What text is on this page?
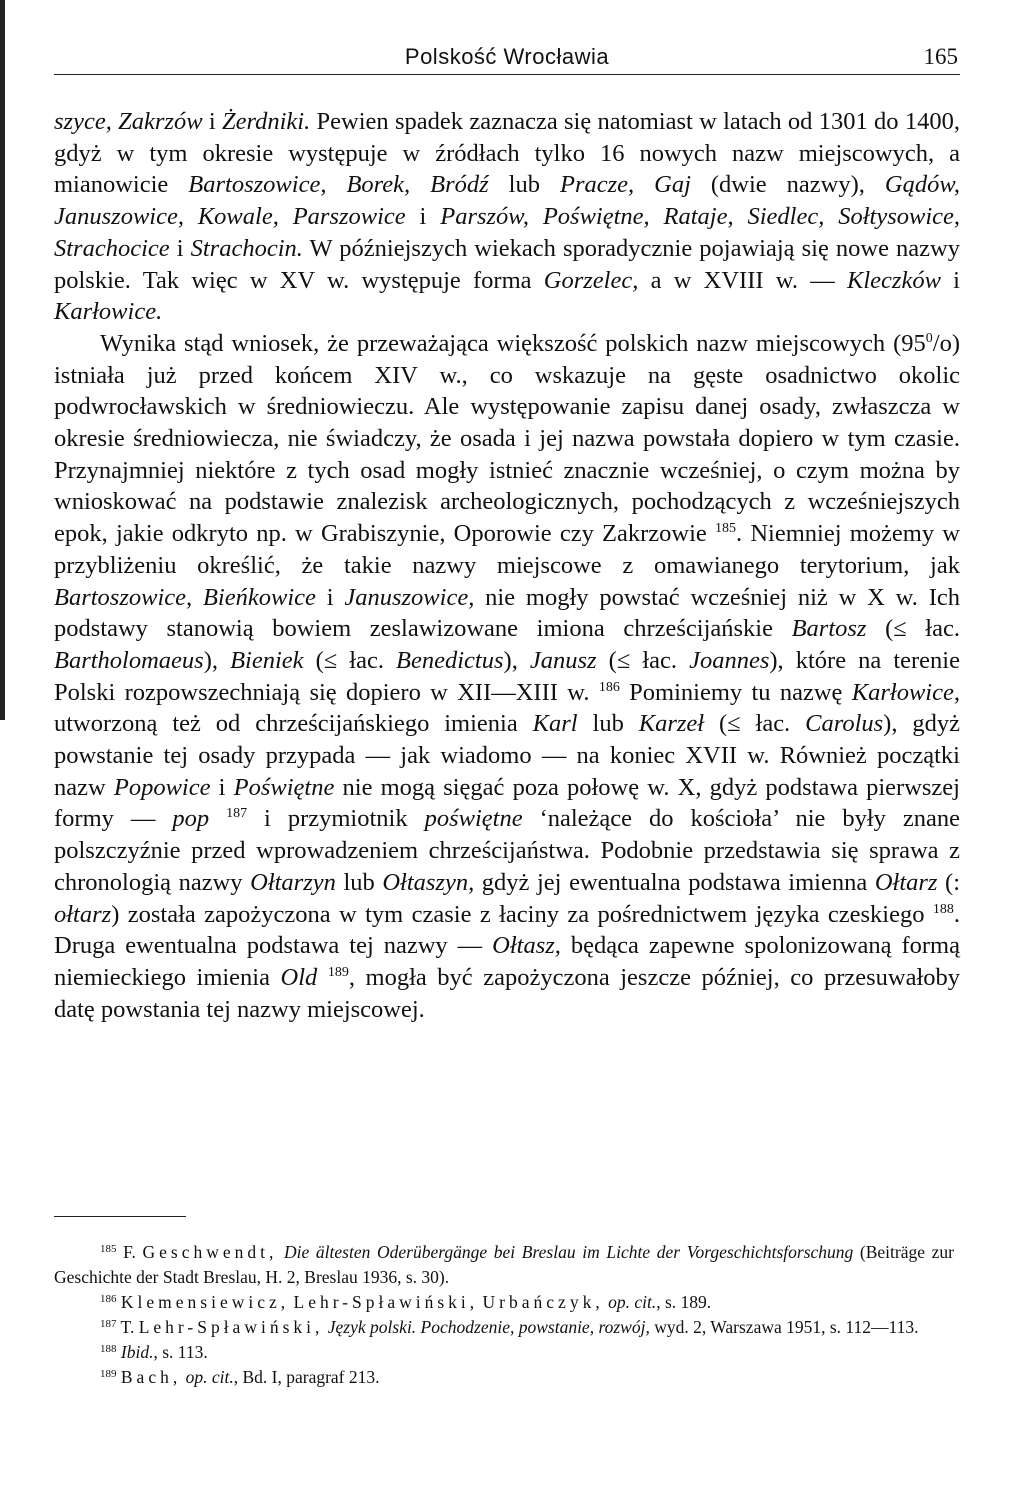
Polskość Wrocławia	165

szyce, Zakrzów i Żerdniki. Pewien spadek zaznacza się natomiast w latach od 1301 do 1400, gdyż w tym okresie występuje w źródłach tylko 16 nowych nazw miejscowych, a mianowicie Bartoszowice, Borek, Bródź lub Pracze, Gaj (dwie nazwy), Gądów, Januszowice, Kowale, Parszowice i Parszów, Poświętne, Rataje, Siedlec, Sołtysowice, Strachocice i Strachocin. W późniejszych wiekach sporadycznie pojawiają się nowe nazwy polskie. Tak więc w XV w. występuje forma Gorzelec, a w XVIII w. — Kleczków i Karłowice.

Wynika stąd wniosek, że przeważająca większość polskich nazw miejscowych $(95^0/o)$ istniała już przed końcem XIV w., co wskazuje na gęste osadnictwo okolic podwrocławskich w średniowieczu. Ale występowanie zapisu danej osady, zwłaszcza w okresie średniowiecza, nie świadczy, że osada i jej nazwa powstała dopiero w tym czasie. Przynajmniej niektóre z tych osad mogły istnieć znacznie wcześniej, o czym można by wnioskować na podstawie znalezisk archeologicznych, pochodzących z wcześniejszych epok, jakie odkryto np. w Grabiszynie, Oporowie czy Zakrzowie $^{185}$. Niemniej możemy w przybliżeniu określić, że takie nazwy miejscowe z omawianego terytorium, jak Bartoszowice, Bieńkowice i Januszowice, nie mogły powstać wcześniej niż w X w. Ich podstawy stanowią bowiem zeslawizowane imiona chrześcijańskie Bartosz (≤ łac. Bartholomaeus), Bieniek (≤ łac. Benedictus), Janusz (≤ łac. Joannes), które na terenie Polski rozpowszechniają się dopiero w XII—XIII w. $^{186}$ Pominiemy tu nazwę Karłowice, utworzoną też od chrześcijańskiego imienia Karl lub Karzeł (≤ łac. Carolus), gdyż powstanie tej osady przypada — jak wiadomo — na koniec XVII w. Również początki nazw Popowice i Poświętne nie mogą sięgać poza połowę w. X, gdyż podstawa pierwszej formy — pop $^{187}$ i przymiotnik poświętne ‘należące do kościoła’ nie były znane polszczyźnie przed wprowadzeniem chrześcijaństwa. Podobnie przedstawia się sprawa z chronologią nazwy Ołtarzyn lub Ołtaszyn, gdyż jej ewentualna podstawa imienna Ołtarz (: ołtarz) została zapożyczona w tym czasie z łaciny za pośrednictwem języka czeskiego $^{188}$. Druga ewentualna podstawa tej nazwy — Ołtasz, będąca zapewne spolonizowaną formą niemieckiego imienia Old $^{189}$, mogła być zapożyczona jeszcze później, co przesuwałoby datę powstania tej nazwy miejscowej.

$^{185}$ F. Geschwendt, Die ältesten Oderübergänge bei Breslau im Lichte der Vorgeschichtsforschung (Beiträge zur Geschichte der Stadt Breslau, H. 2, Breslau 1936, s. 30).

$^{186}$ Klemensiewicz, Lehr-Spławiński, Urbańczyk, op. cit., s. 189.

$^{187}$ T. Lehr-Spławiński, Język polski. Pochodzenie, powstanie, rozwój, wyd. 2, Warszawa 1951, s. 112—113.

$^{188}$ Ibid., s. 113.

$^{189}$ Bach, op. cit., Bd. I, paragraf 213.
